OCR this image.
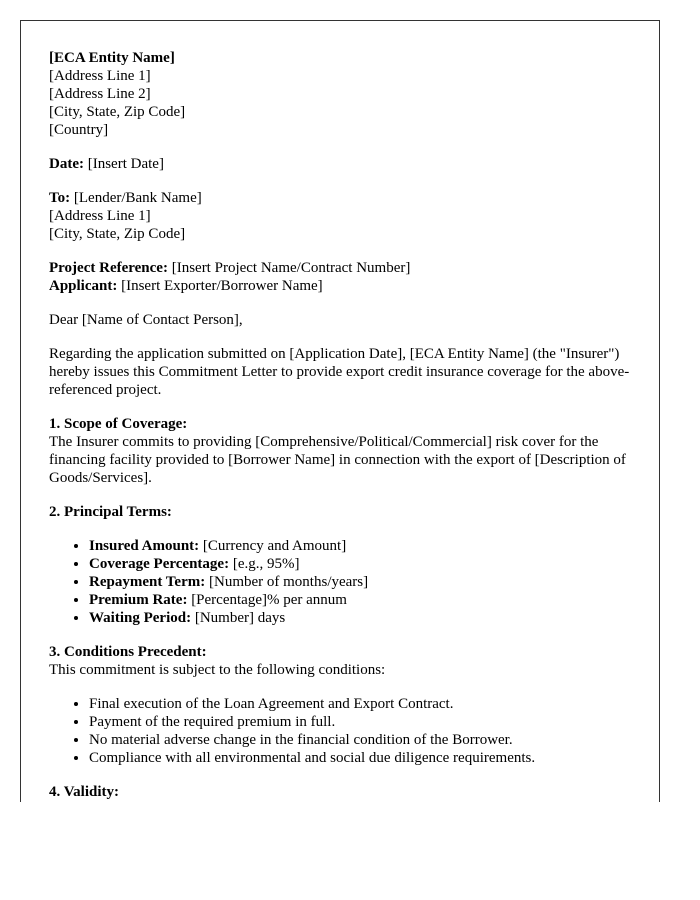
[ECA Entity Name]
[Address Line 1]
[Address Line 2]
[City, State, Zip Code]
[Country]

Date: [Insert Date]

To: [Lender/Bank Name]
[Address Line 1]
[City, State, Zip Code]

Project Reference: [Insert Project Name/Contract Number]
Applicant: [Insert Exporter/Borrower Name]

Dear [Name of Contact Person],

Regarding the application submitted on [Application Date], [ECA Entity Name] (the "Insurer") hereby issues this Commitment Letter to provide export credit insurance coverage for the above-referenced project.

1. Scope of Coverage:

The Insurer commits to providing [Comprehensive/Political/Commercial] risk cover for the financing facility provided to [Borrower Name] in connection with the export of [Description of Goods/Services].

2. Principal Terms:
• Insured Amount: [Currency and Amount]
• Coverage Percentage: [e.g., 95%]
• Repayment Term: [Number of months/years]
• Premium Rate: [Percentage]% per annum
• Waiting Period: [Number] days
3. Conditions Precedent:
This commitment is subject to the following conditions:
• Final execution of the Loan Agreement and Export Contract.
• Payment of the required premium in full.
• No material adverse change in the financial condition of the Borrower.
• Compliance with all environmental and social due diligence requirements.
4. Validity:
